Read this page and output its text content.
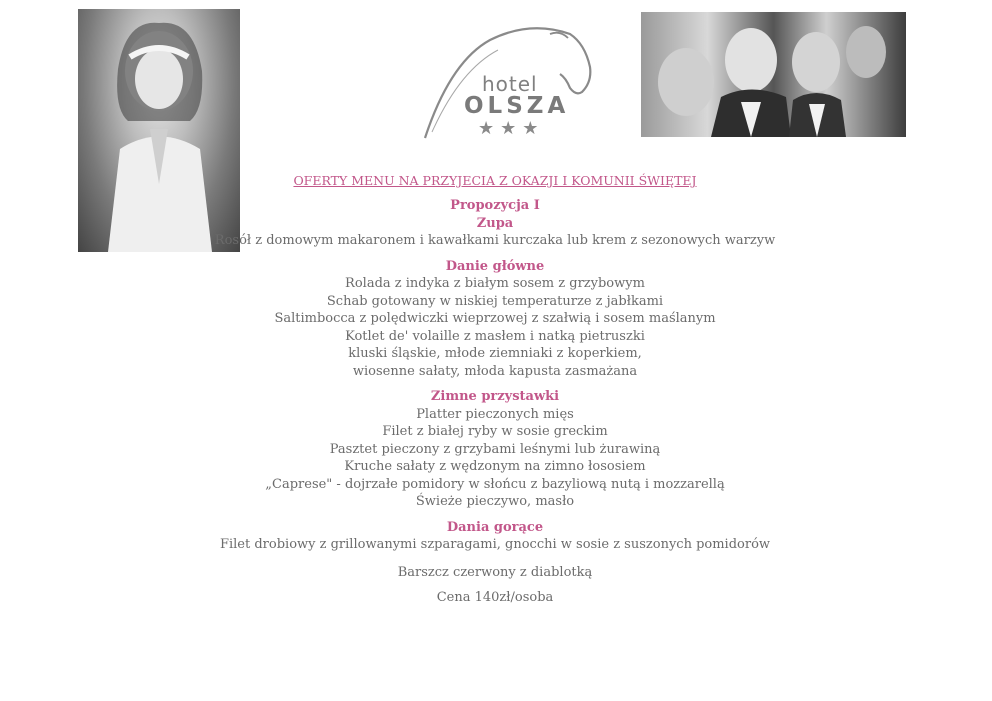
hotel
OLSZA
★★★

OFERTY MENU NA PRZYJECIA Z OKAZJI I KOMUNII ŚWIĘTEJ

Propozycja I

Zupa

Rosół z domowym makaronem i kawałkami kurczaka lub krem z sezonowych warzyw

Danie główne

Rolada z indyka z białym sosem z grzybowym

Schab gotowany w niskiej temperaturze z jabłkami

Saltimbocca z polędwiczki wieprzowej z szałwią i sosem maślanym

Kotlet de' volaille z masłem i natką pietruszki

kluski śląskie, młode ziemniaki z koperkiem,

wiosenne sałaty, młoda kapusta zasmażana

Zimne przystawki

Platter pieczonych mięs

Filet z białej ryby w sosie greckim

Pasztet pieczony z grzybami leśnymi lub żurawiną

Kruche sałaty z wędzonym na zimno łososiem

„Caprese" - dojrzałe pomidory w słońcu z bazyliową nutą i mozzarellą

Świeże pieczywo, masło

Dania gorące

Filet drobiowy z grillowanymi szparagami, gnocchi w sosie z suszonych pomidorów

Barszcz czerwony z diablotką

Cena 140zł/osoba
